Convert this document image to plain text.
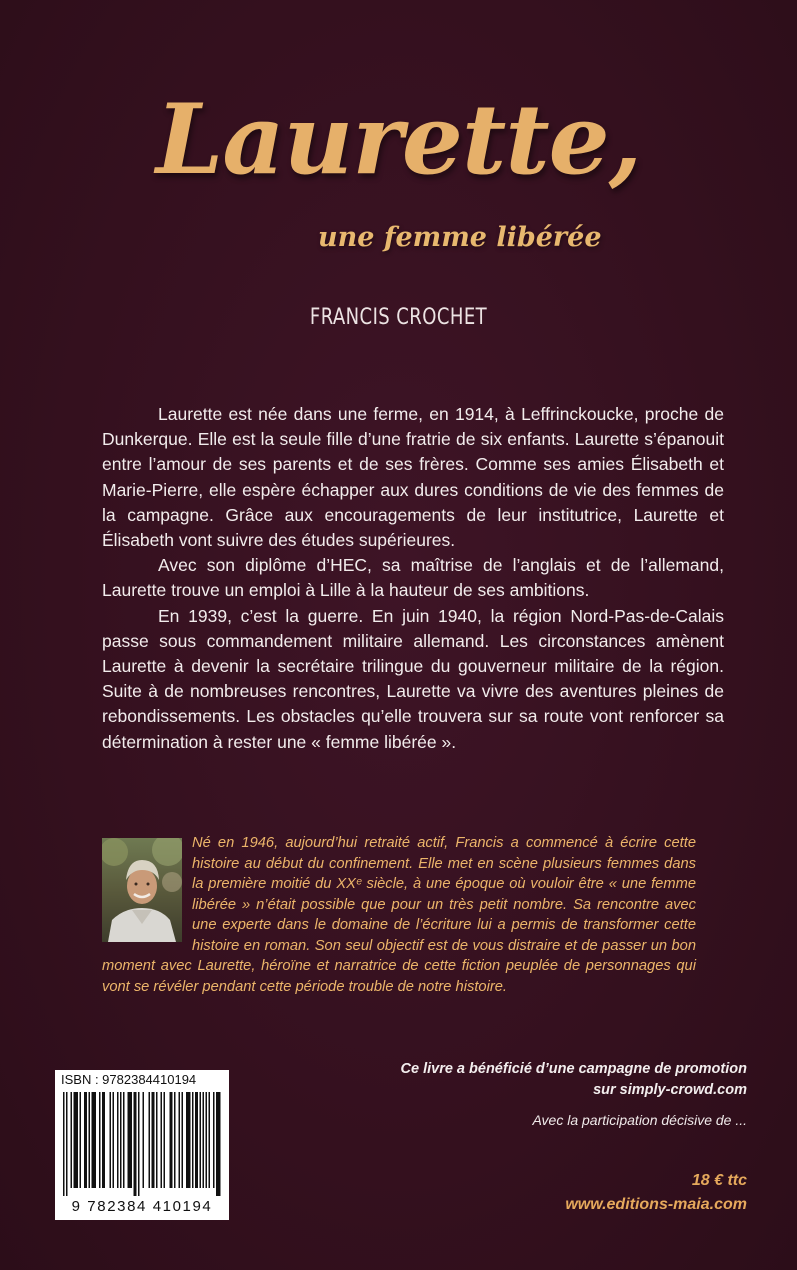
Laurette,
une femme libérée
FRANCIS CROCHET

Laurette est née dans une ferme, en 1914, à Leffrinckoucke, proche de Dunkerque. Elle est la seule fille d’une fratrie de six enfants. Laurette s’épanouit entre l’amour de ses parents et de ses frères. Comme ses amies Élisabeth et Marie-Pierre, elle espère échapper aux dures conditions de vie des femmes de la campagne. Grâce aux encouragements de leur institutrice, Laurette et Élisabeth vont suivre des études supérieures.

Avec son diplôme d’HEC, sa maîtrise de l’anglais et de l’allemand, Laurette trouve un emploi à Lille à la hauteur de ses ambitions.

En 1939, c’est la guerre. En juin 1940, la région Nord-Pas-de-Calais passe sous commandement militaire allemand. Les circonstances amènent Laurette à devenir la secrétaire trilingue du gouverneur militaire de la région. Suite à de nombreuses rencontres, Laurette va vivre des aventures pleines de rebondissements. Les obstacles qu’elle trouvera sur sa route vont renforcer sa détermination à rester une « femme libérée ».

Né en 1946, aujourd’hui retraité actif, Francis a commencé à écrire cette histoire au début du confinement. Elle met en scène plusieurs femmes dans la première moitié du XXᵉ siècle, à une époque où vouloir être « une femme libérée » n’était possible que pour un très petit nombre. Sa rencontre avec une experte dans le domaine de l’écriture lui a permis de transformer cette histoire en roman. Son seul objectif est de vous distraire et de passer un bon moment avec Laurette, héroïne et narratrice de cette fiction peuplée de personnages qui vont se révéler pendant cette période trouble de notre histoire.

ISBN : 9782384410194
9 782384 410194
Ce livre a bénéficié d’une campagne de promotion
sur simply-crowd.com
Avec la participation décisive de ...
18 € ttc
www.editions-maia.com
